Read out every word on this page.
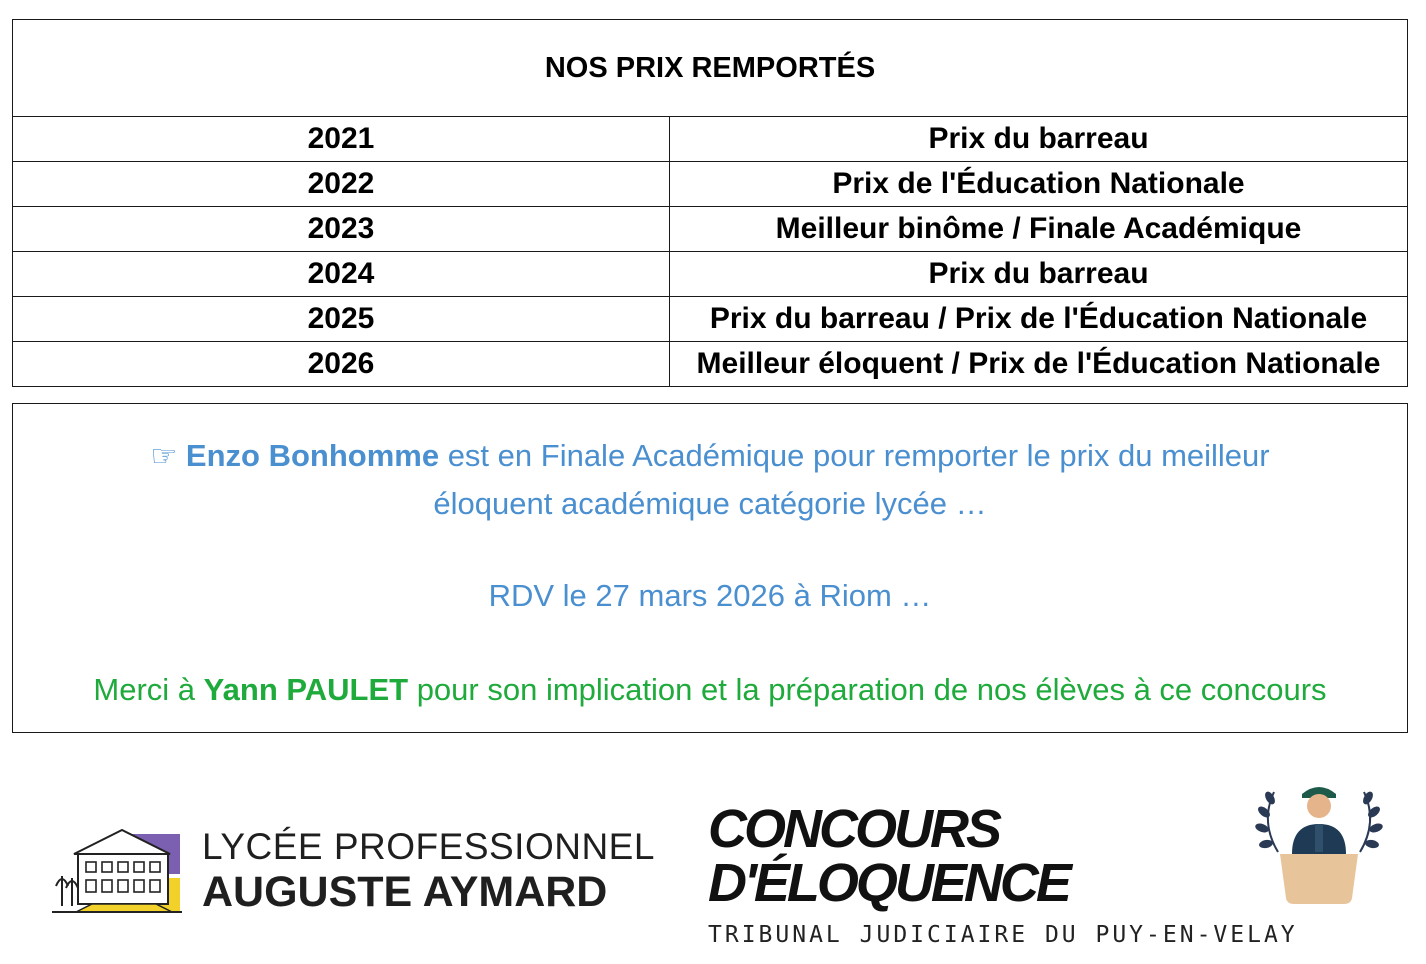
NOS PRIX REMPORTÉS	
2021	Prix du barreau
2022	Prix de l'Éducation Nationale
2023	Meilleur binôme / Finale Académique
2024	Prix du barreau
2025	Prix du barreau / Prix de l'Éducation Nationale
2026	Meilleur éloquent / Prix de l'Éducation Nationale

☞ Enzo Bonhomme est en Finale Académique pour remporter le prix du meilleur
éloquent académique catégorie lycée …

RDV le 27 mars 2026 à Riom …

Merci à Yann PAULET pour son implication et la préparation de nos élèves à ce concours

LYCÉE PROFESSIONNEL
AUGUSTE AYMARD
CONCOURS
D'ÉLOQUENCE
TRIBUNAL JUDICIAIRE DU PUY-EN-VELAY
